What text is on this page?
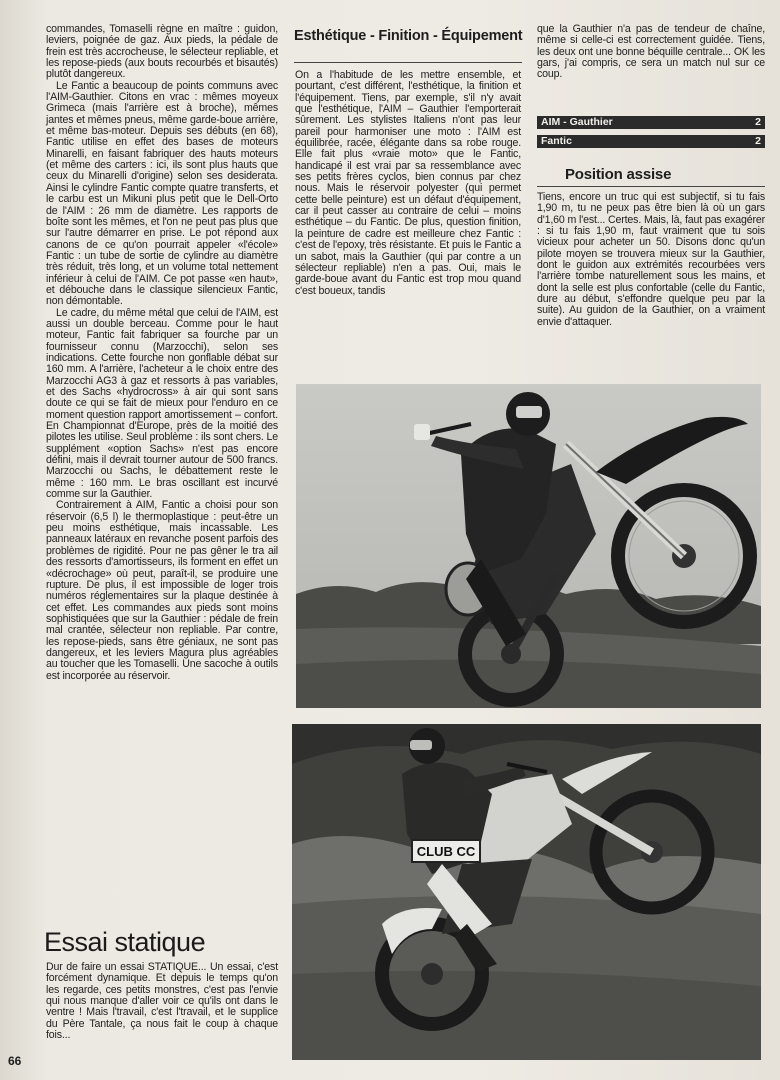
commandes, Tomaselli règne en maître : guidon, leviers, poignée de gaz. Aux pieds, la pédale de frein est très accrocheuse, le sélecteur repliable, et les repose-pieds (aux bouts recourbés et bisautés) plutôt dangereux.

Le Fantic a beaucoup de points communs avec l'AIM-Gauthier. Citons en vrac : mêmes moyeux Grimeca (mais l'arrière est à broche), mêmes jantes et mêmes pneus, même garde-boue arrière, et même bas-moteur. Depuis ses débuts (en 68), Fantic utilise en effet des bases de moteurs Minarelli, en faisant fabriquer des hauts moteurs (et même des carters : ici, ils sont plus hauts que ceux du Minarelli d'origine) selon ses desiderata. Ainsi le cylindre Fantic compte quatre transferts, et le carbu est un Mikuni plus petit que le Dell-Orto de l'AIM : 26 mm de diamètre. Les rapports de boîte sont les mêmes, et l'on ne peut pas plus que sur l'autre démarrer en prise. Le pot répond aux canons de ce qu'on pourrait appeler «l'école» Fantic : un tube de sortie de cylindre au diamètre très réduit, très long, et un volume total nettement inférieur à celui de l'AIM. Ce pot passe «en haut», et débouche dans le classique silencieux Fantic, non démontable.

Le cadre, du même métal que celui de l'AIM, est aussi un double berceau. Comme pour le haut moteur, Fantic fait fabriquer sa fourche par un fournisseur connu (Marzocchi), selon ses indications. Cette fourche non gonflable débat sur 160 mm. A l'arrière, l'acheteur a le choix entre des Marzocchi AG3 à gaz et ressorts à pas variables, et des Sachs «hydrocross» à air qui sont sans doute ce qui se fait de mieux pour l'enduro en ce moment question rapport amortissement – confort. En Championnat d'Europe, près de la moitié des pilotes les utilise. Seul problème : ils sont chers. Le supplément «option Sachs» n'est pas encore défini, mais il devrait tourner autour de 500 francs. Marzocchi ou Sachs, le débattement reste le même : 160 mm. Le bras oscillant est incurvé comme sur la Gauthier.

Contrairement à AIM, Fantic a choisi pour son réservoir (6,5 l) le thermoplastique : peut-être un peu moins esthétique, mais incassable. Les panneaux latéraux en revanche posent parfois des problèmes de rigidité. Pour ne pas gêner le tra ail des ressorts d'amortisseurs, ils forment en effet un «décrochage» où peut, paraît-il, se produire une rupture. De plus, il est impossible de loger trois numéros réglementaires sur la plaque destinée à cet effet. Les commandes aux pieds sont moins sophistiquées que sur la Gauthier : pédale de frein mal crantée, sélecteur non repliable. Par contre, les repose-pieds, sans être géniaux, ne sont pas dangereux, et les leviers Magura plus agréables au toucher que les Tomaselli. Une sacoche à outils est incorporée au réservoir.

Essai statique

Dur de faire un essai STATIQUE... Un essai, c'est forcément dynamique. Et depuis le temps qu'on les regarde, ces petits monstres, c'est pas l'envie qui nous manque d'aller voir ce qu'ils ont dans le ventre ! Mais l'travail, c'est l'travail, et le supplice du Père Tantale, ça nous fait le coup à chaque fois...

66
Esthétique - Finition - Équipement

On a l'habitude de les mettre ensemble, et pourtant, c'est différent, l'esthétique, la finition et l'équipement. Tiens, par exemple, s'il n'y avait que l'esthétique, l'AIM – Gauthier l'emporterait sûrement. Les stylistes Italiens n'ont pas leur pareil pour harmoniser une moto : l'AIM est équilibrée, racée, élégante dans sa robe rouge. Elle fait plus «vraie moto» que le Fantic, handicapé il est vrai par sa ressemblance avec ses petits frères cyclos, bien connus par chez nous. Mais le réservoir polyester (qui permet cette belle peinture) est un défaut d'équipement, car il peut casser au contraire de celui – moins esthétique – du Fantic. De plus, question finition, la peinture de cadre est meilleure chez Fantic : c'est de l'epoxy, très résistante. Et puis le Fantic a un sabot, mais la Gauthier (qui par contre a un sélecteur repliable) n'en a pas. Oui, mais le garde-boue avant du Fantic est trop mou quand c'est boueux, tandis

que la Gauthier n'a pas de tendeur de chaîne, même si celle-ci est correctement guidée. Tiens, les deux ont une bonne béquille centrale... OK les gars, j'ai compris, ce sera un match nul sur ce coup.

AIM - Gauthier	2
Fantic	2
Position assise

Tiens, encore un truc qui est subjectif, si tu fais 1,90 m, tu ne peux pas être bien là où un gars d'1,60 m l'est... Certes. Mais, là, faut pas exagérer : si tu fais 1,90 m, faut vraiment que tu sois vicieux pour acheter un 50. Disons donc qu'un pilote moyen se trouvera mieux sur la Gauthier, dont le guidon aux extrémités recourbées vers l'arrière tombe naturellement sous les mains, et dont la selle est plus confortable (celle du Fantic, dure au début, s'effondre quelque peu par la suite). Au guidon de la Gauthier, on a vraiment envie d'attaquer.

CLUB CC
